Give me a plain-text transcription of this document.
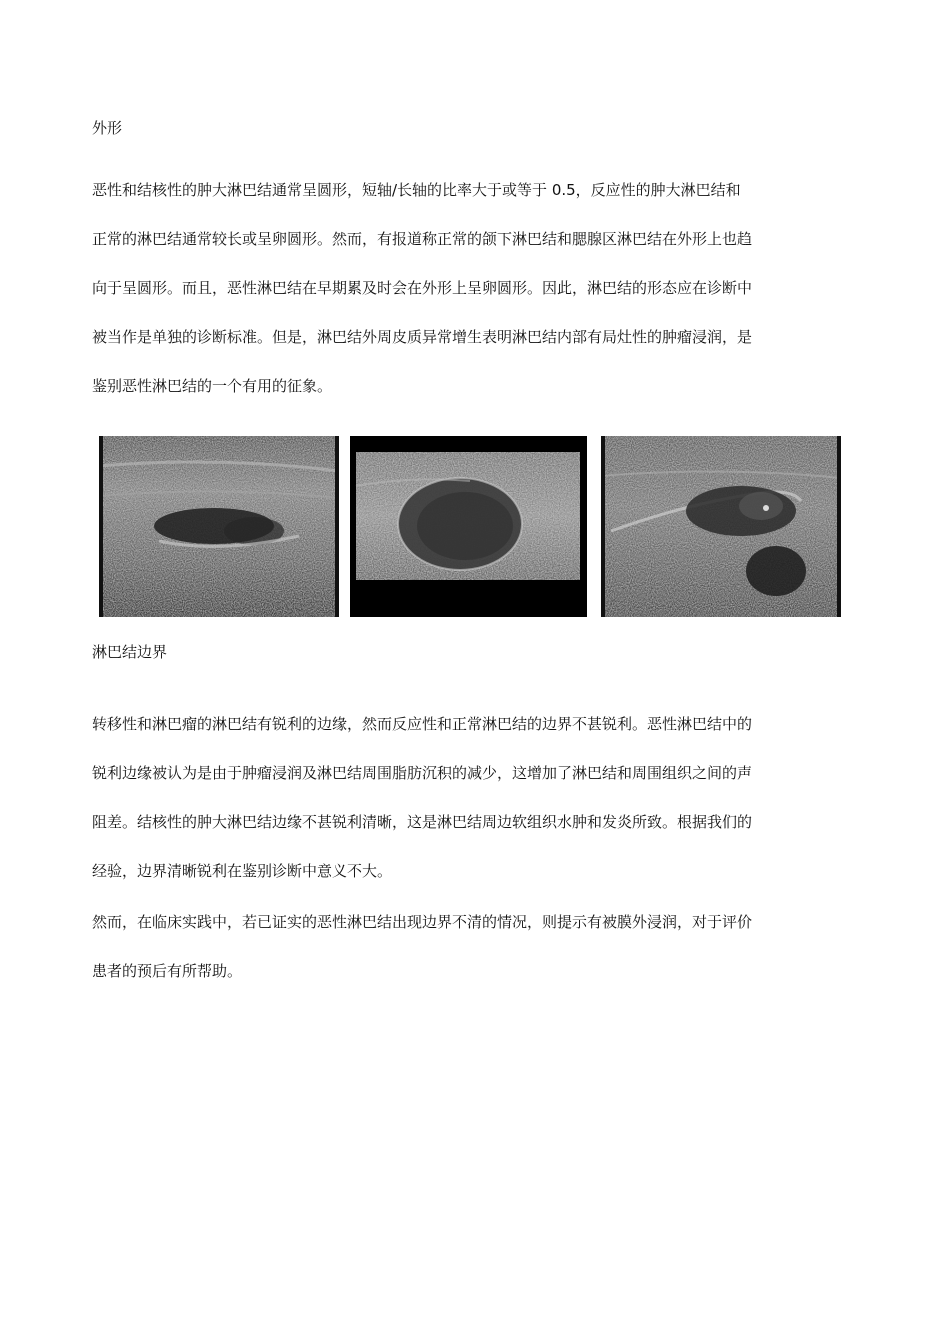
外形
恶性和结核性的肿大淋巴结通常呈圆形，短轴/长轴的比率大于或等于 0.5，反应性的肿大淋巴结和
正常的淋巴结通常较长或呈卵圆形。然而，有报道称正常的颌下淋巴结和腮腺区淋巴结在外形上也趋
向于呈圆形。而且，恶性淋巴结在早期累及时会在外形上呈卵圆形。因此，淋巴结的形态应在诊断中
被当作是单独的诊断标准。但是，淋巴结外周皮质异常增生表明淋巴结内部有局灶性的肿瘤浸润，是
鉴别恶性淋巴结的一个有用的征象。
淋巴结边界
转移性和淋巴瘤的淋巴结有锐利的边缘，然而反应性和正常淋巴结的边界不甚锐利。恶性淋巴结中的
锐利边缘被认为是由于肿瘤浸润及淋巴结周围脂肪沉积的减少，这增加了淋巴结和周围组织之间的声
阻差。结核性的肿大淋巴结边缘不甚锐利清晰，这是淋巴结周边软组织水肿和发炎所致。根据我们的
经验，边界清晰锐利在鉴别诊断中意义不大。
然而，在临床实践中，若已证实的恶性淋巴结出现边界不清的情况，则提示有被膜外浸润，对于评价
患者的预后有所帮助。
